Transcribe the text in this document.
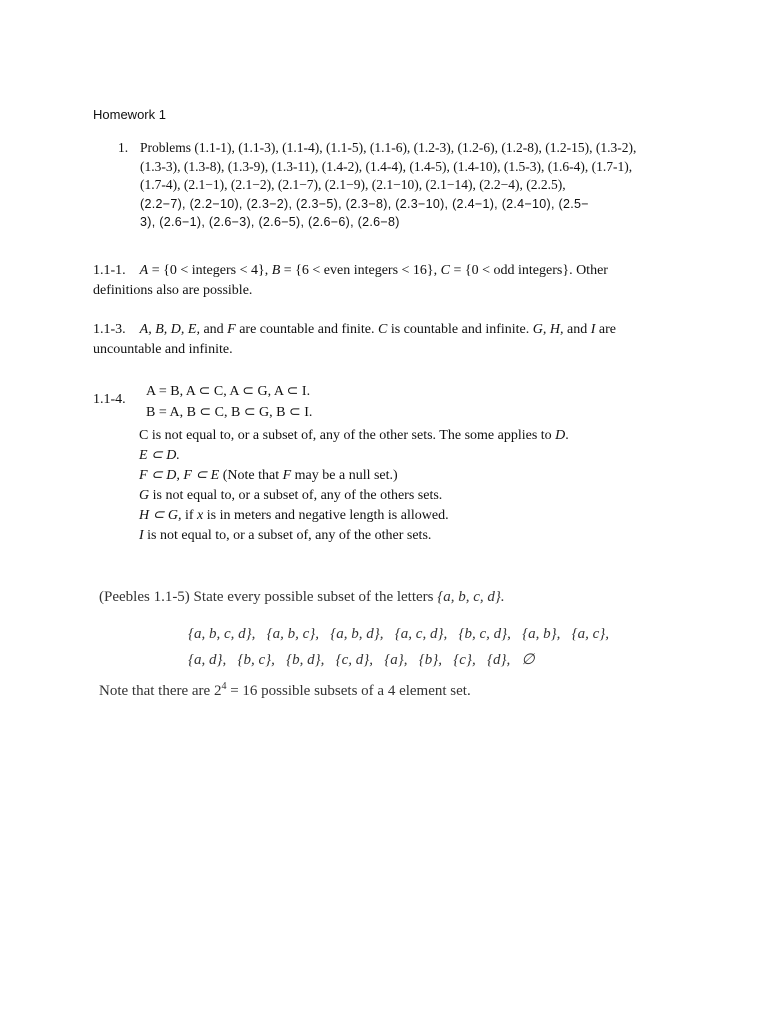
Homework 1
1. Problems (1.1-1), (1.1-3), (1.1-4), (1.1-5), (1.1-6), (1.2-3), (1.2-6), (1.2-8), (1.2-15), (1.3-2),
(1.3-3), (1.3-8), (1.3-9), (1.3-11), (1.4-2), (1.4-4), (1.4-5), (1.4-10), (1.5-3), (1.6-4), (1.7-1),
(1.7-4), (2.1−1), (2.1−2), (2.1−7), (2.1−9), (2.1−10), (2.1−14), (2.2−4), (2.2.5),
(2.2−7), (2.2−10), (2.3−2), (2.3−5), (2.3−8), (2.3−10), (2.4−1), (2.4−10), (2.5−
3), (2.6−1), (2.6−3), (2.6−5), (2.6−6), (2.6−8)
1.1-1. A = {0 < integers < 4}, B = {6 < even integers < 16}, C = {0 < odd integers}. Other
definitions also are possible.
1.1-3. A, B, D, E, and F are countable and finite. C is countable and infinite. G, H, and I are
uncountable and infinite.
1.1-4.
A = B, A ⊂ C, A ⊂ G, A ⊂ I.
B = A, B ⊂ C, B ⊂ G, B ⊂ I.
C is not equal to, or a subset of, any of the other sets. The some applies to D.
E ⊂ D.
F ⊂ D, F ⊂ E (Note that F may be a null set.)
G is not equal to, or a subset of, any of the others sets.
H ⊂ G, if x is in meters and negative length is allowed.
I is not equal to, or a subset of, any of the other sets.
(Peebles 1.1-5) State every possible subset of the letters {a, b, c, d}.
{a, b, c, d},   {a, b, c},   {a, b, d},   {a, c, d},   {b, c, d},   {a, b},   {a, c},
{a, d},   {b, c},   {b, d},   {c, d},   {a},   {b},   {c},   {d},   ∅
Note that there are $2^4 = 16$ possible subsets of a 4 element set.
